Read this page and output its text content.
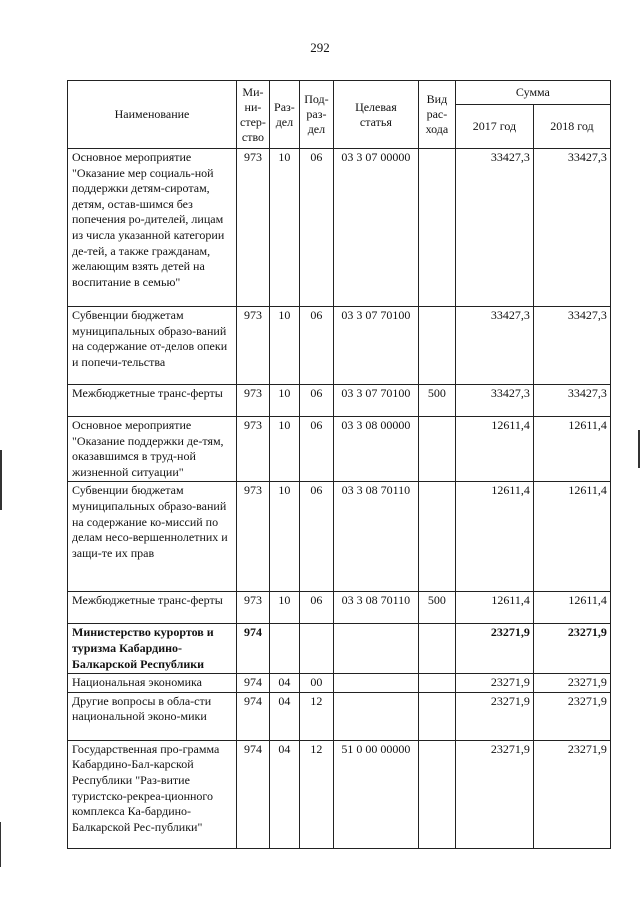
292
Наименование	Ми-
ни-
стер-
ство	Раз-
дел	Под-
раз-
дел	Целевая
статья	Вид
рас-
хода	Сумма	
						2017 год	2018 год
Основное мероприятие "Оказание мер социаль-ной поддержки детям-сиротам, детям, остав-шимся без попечения ро-дителей, лицам из числа указанной категории де-тей, а также гражданам, желающим взять детей на воспитание в семью"	973	10	06	03 3 07 00000		33427,3	33427,3
Субвенции бюджетам муниципальных образо-ваний на содержание от-делов опеки и попечи-тельства	973	10	06	03 3 07 70100		33427,3	33427,3
Межбюджетные транс-ферты	973	10	06	03 3 07 70100	500	33427,3	33427,3
Основное мероприятие "Оказание поддержки де-тям, оказавшимся в труд-ной жизненной ситуации"	973	10	06	03 3 08 00000		12611,4	12611,4
Субвенции бюджетам муниципальных образо-ваний на содержание ко-миссий по делам несо-вершеннолетних и защи-те их прав	973	10	06	03 3 08 70110		12611,4	12611,4
Межбюджетные транс-ферты	973	10	06	03 3 08 70110	500	12611,4	12611,4
Министерство курортов и туризма Кабардино-Балкарской Республики	974					23271,9	23271,9
Национальная экономика	974	04	00			23271,9	23271,9
Другие вопросы в обла-сти национальной эконо-мики	974	04	12			23271,9	23271,9
Государственная про-грамма Кабардино-Бал-карской Республики "Раз-витие туристско-рекреа-ционного комплекса Ка-бардино-Балкарской Рес-публики"	974	04	12	51 0 00 00000		23271,9	23271,9
